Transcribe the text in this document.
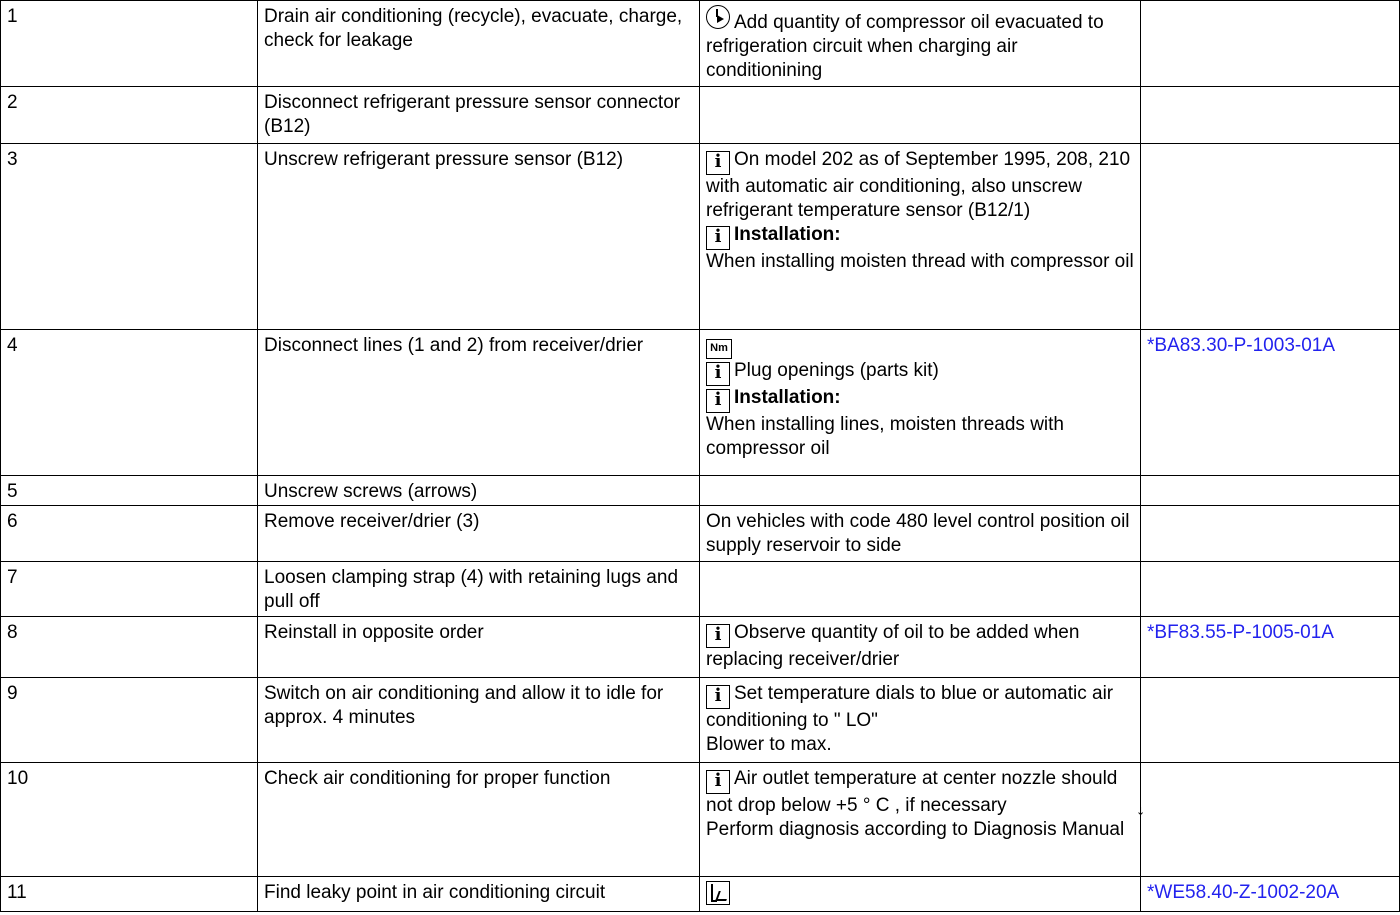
1	Drain air conditioning (recycle), evacuate, charge, check for leakage	Add quantity of compressor oil evacuated to refrigeration circuit when charging air conditionining	
2	Disconnect refrigerant pressure sensor connector (B12)		
3	Unscrew refrigerant pressure sensor (B12)	i On model 202 as of September 1995, 208, 210 with automatic air conditioning, also unscrew refrigerant temperature sensor (B12/1)
i Installation:
When installing moisten thread with compressor oil	

4	Disconnect lines (1 and 2) from receiver/drier	Nm
i Plug openings (parts kit)
i Installation:
When installing lines, moisten threads with compressor oil	*BA83.30-P-1003-01A
5	Unscrew screws (arrows)		
6	Remove receiver/drier (3)	On vehicles with code 480 level control position oil supply reservoir to side	
7	Loosen clamping strap (4) with retaining lugs and pull off		
8	Reinstall in opposite order	i Observe quantity of oil to be added when replacing receiver/drier	*BF83.55-P-1005-01A
9	Switch on air conditioning and allow it to idle for approx. 4 minutes	i Set temperature dials to blue or automatic air conditioning to " LO"
Blower to max.	

10	Check air conditioning for proper function	i Air outlet temperature at center nozzle should not drop below +5 ° C , if necessary
Perform diagnosis according to Diagnosis Manual	

11	Find leaky point in air conditioning circuit		*WE58.40-Z-1002-20A
↓
